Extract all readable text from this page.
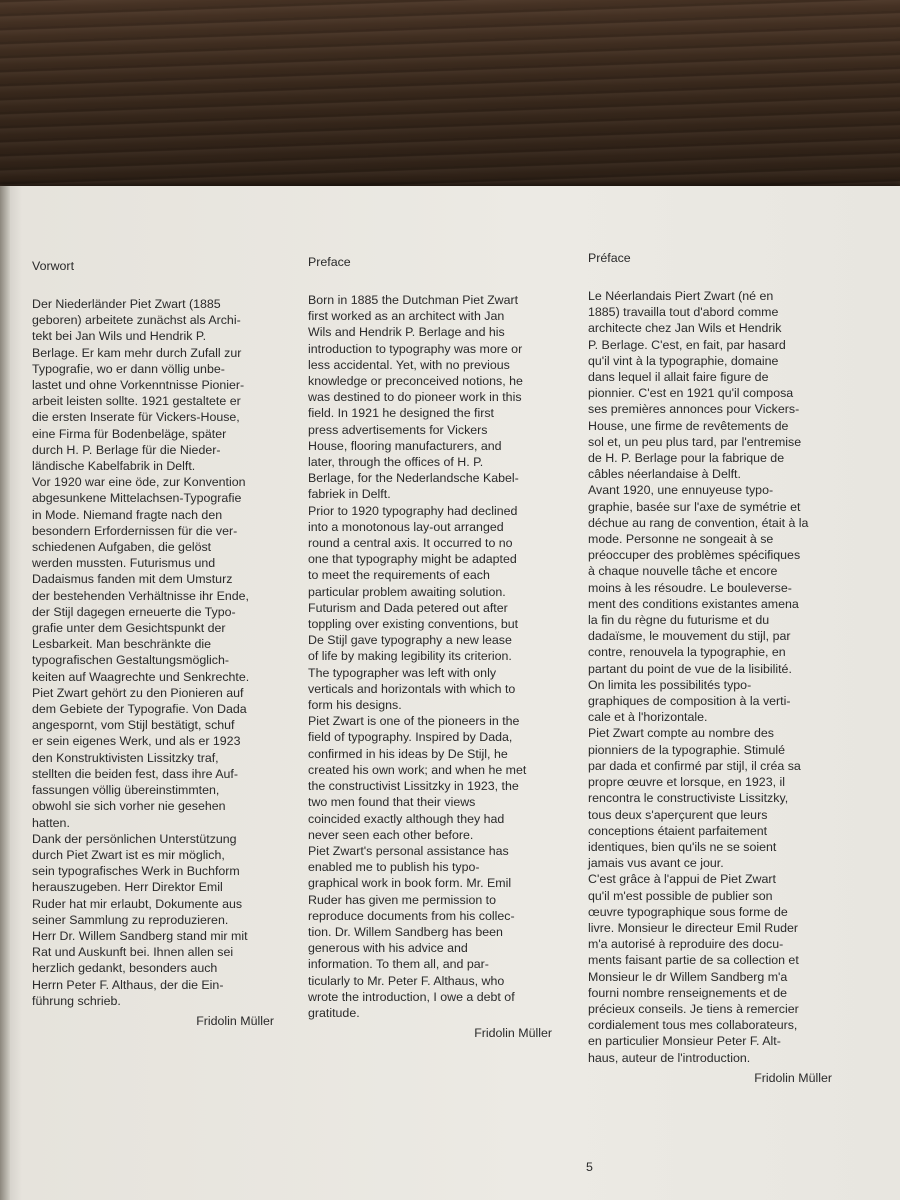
Vorwort
Der Niederländer Piet Zwart (1885
geboren) arbeitete zunächst als Archi-
tekt bei Jan Wils und Hendrik P.
Berlage. Er kam mehr durch Zufall zur
Typografie, wo er dann völlig unbe-
lastet und ohne Vorkenntnisse Pionier-
arbeit leisten sollte. 1921 gestaltete er
die ersten Inserate für Vickers-House,
eine Firma für Bodenbeläge, später
durch H. P. Berlage für die Nieder-
ländische Kabelfabrik in Delft.
Vor 1920 war eine öde, zur Konvention
abgesunkene Mittelachsen-Typografie
in Mode. Niemand fragte nach den
besondern Erfordernissen für die ver-
schiedenen Aufgaben, die gelöst
werden mussten. Futurismus und
Dadaismus fanden mit dem Umsturz
der bestehenden Verhältnisse ihr Ende,
der Stijl dagegen erneuerte die Typo-
grafie unter dem Gesichtspunkt der
Lesbarkeit. Man beschränkte die
typografischen Gestaltungsmöglich-
keiten auf Waagrechte und Senkrechte.
Piet Zwart gehört zu den Pionieren auf
dem Gebiete der Typografie. Von Dada
angespornt, vom Stijl bestätigt, schuf
er sein eigenes Werk, und als er 1923
den Konstruktivisten Lissitzky traf,
stellten die beiden fest, dass ihre Auf-
fassungen völlig übereinstimmten,
obwohl sie sich vorher nie gesehen
hatten.
Dank der persönlichen Unterstützung
durch Piet Zwart ist es mir möglich,
sein typografisches Werk in Buchform
herauszugeben. Herr Direktor Emil
Ruder hat mir erlaubt, Dokumente aus
seiner Sammlung zu reproduzieren.
Herr Dr. Willem Sandberg stand mir mit
Rat und Auskunft bei. Ihnen allen sei
herzlich gedankt, besonders auch
Herrn Peter F. Althaus, der die Ein-
führung schrieb.
Fridolin Müller
Preface
Born in 1885 the Dutchman Piet Zwart
first worked as an architect with Jan
Wils and Hendrik P. Berlage and his
introduction to typography was more or
less accidental. Yet, with no previous
knowledge or preconceived notions, he
was destined to do pioneer work in this
field. In 1921 he designed the first
press advertisements for Vickers
House, flooring manufacturers, and
later, through the offices of H. P.
Berlage, for the Nederlandsche Kabel-
fabriek in Delft.
Prior to 1920 typography had declined
into a monotonous lay-out arranged
round a central axis. It occurred to no
one that typography might be adapted
to meet the requirements of each
particular problem awaiting solution.
Futurism and Dada petered out after
toppling over existing conventions, but
De Stijl gave typography a new lease
of life by making legibility its criterion.
The typographer was left with only
verticals and horizontals with which to
form his designs.
Piet Zwart is one of the pioneers in the
field of typography. Inspired by Dada,
confirmed in his ideas by De Stijl, he
created his own work; and when he met
the constructivist Lissitzky in 1923, the
two men found that their views
coincided exactly although they had
never seen each other before.
Piet Zwart's personal assistance has
enabled me to publish his typo-
graphical work in book form. Mr. Emil
Ruder has given me permission to
reproduce documents from his collec-
tion. Dr. Willem Sandberg has been
generous with his advice and
information. To them all, and par-
ticularly to Mr. Peter F. Althaus, who
wrote the introduction, I owe a debt of
gratitude.
Fridolin Müller
Préface
Le Néerlandais Piert Zwart (né en
1885) travailla tout d'abord comme
architecte chez Jan Wils et Hendrik
P. Berlage. C'est, en fait, par hasard
qu'il vint à la typographie, domaine
dans lequel il allait faire figure de
pionnier. C'est en 1921 qu'il composa
ses premières annonces pour Vickers-
House, une firme de revêtements de
sol et, un peu plus tard, par l'entremise
de H. P. Berlage pour la fabrique de
câbles néerlandaise à Delft.
Avant 1920, une ennuyeuse typo-
graphie, basée sur l'axe de symétrie et
déchue au rang de convention, était à la
mode. Personne ne songeait à se
préoccuper des problèmes spécifiques
à chaque nouvelle tâche et encore
moins à les résoudre. Le bouleverse-
ment des conditions existantes amena
la fin du règne du futurisme et du
dadaïsme, le mouvement du stijl, par
contre, renouvela la typographie, en
partant du point de vue de la lisibilité.
On limita les possibilités typo-
graphiques de composition à la verti-
cale et à l'horizontale.
Piet Zwart compte au nombre des
pionniers de la typographie. Stimulé
par dada et confirmé par stijl, il créa sa
propre œuvre et lorsque, en 1923, il
rencontra le constructiviste Lissitzky,
tous deux s'aperçurent que leurs
conceptions étaient parfaitement
identiques, bien qu'ils ne se soient
jamais vus avant ce jour.
C'est grâce à l'appui de Piet Zwart
qu'il m'est possible de publier son
œuvre typographique sous forme de
livre. Monsieur le directeur Emil Ruder
m'a autorisé à reproduire des docu-
ments faisant partie de sa collection et
Monsieur le dr Willem Sandberg m'a
fourni nombre renseignements et de
précieux conseils. Je tiens à remercier
cordialement tous mes collaborateurs,
en particulier Monsieur Peter F. Alt-
haus, auteur de l'introduction.
Fridolin Müller
5
